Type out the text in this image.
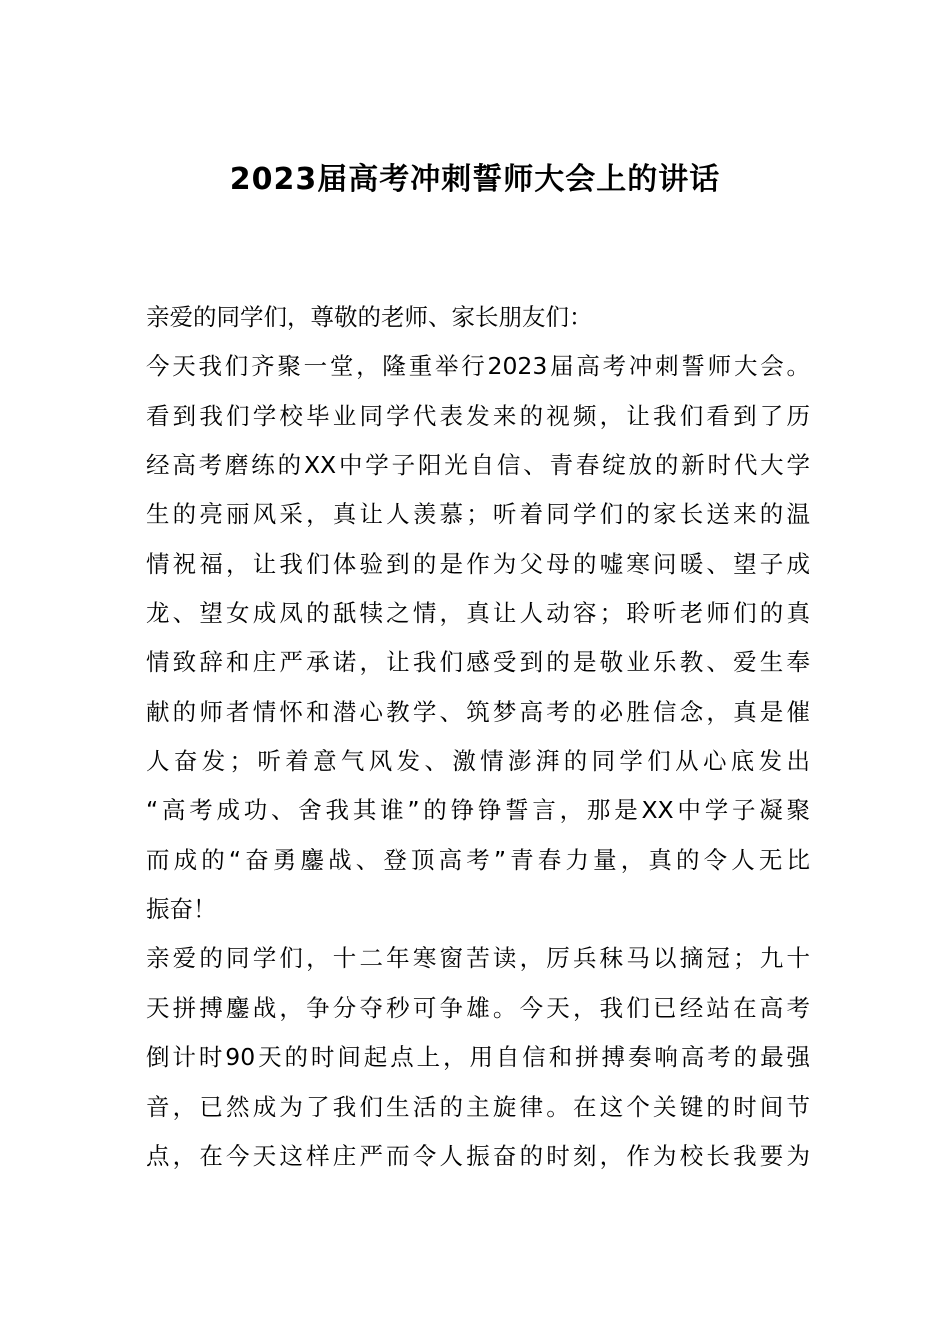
2023届高考冲刺誓师大会上的讲话
亲爱的同学们，尊敬的老师、家长朋友们：
今天我们齐聚一堂，隆重举行2023届高考冲刺誓师大会。
看到我们学校毕业同学代表发来的视频，让我们看到了历
经高考磨练的XX中学子阳光自信、青春绽放的新时代大学
生的亮丽风采，真让人羡慕；听着同学们的家长送来的温
情祝福，让我们体验到的是作为父母的嘘寒问暖、望子成
龙、望女成凤的舐犊之情，真让人动容；聆听老师们的真
情致辞和庄严承诺，让我们感受到的是敬业乐教、爱生奉
献的师者情怀和潜心教学、筑梦高考的必胜信念，真是催
人奋发；听着意气风发、激情澎湃的同学们从心底发出
“高考成功、舍我其谁”的铮铮誓言，那是XX中学子凝聚
而成的“奋勇鏖战、登顶高考”青春力量，真的令人无比
振奋！
亲爱的同学们，十二年寒窗苦读，厉兵秣马以摘冠；九十
天拼搏鏖战，争分夺秒可争雄。今天，我们已经站在高考
倒计时90天的时间起点上，用自信和拼搏奏响高考的最强
音，已然成为了我们生活的主旋律。在这个关键的时间节
点，在今天这样庄严而令人振奋的时刻，作为校长我要为
